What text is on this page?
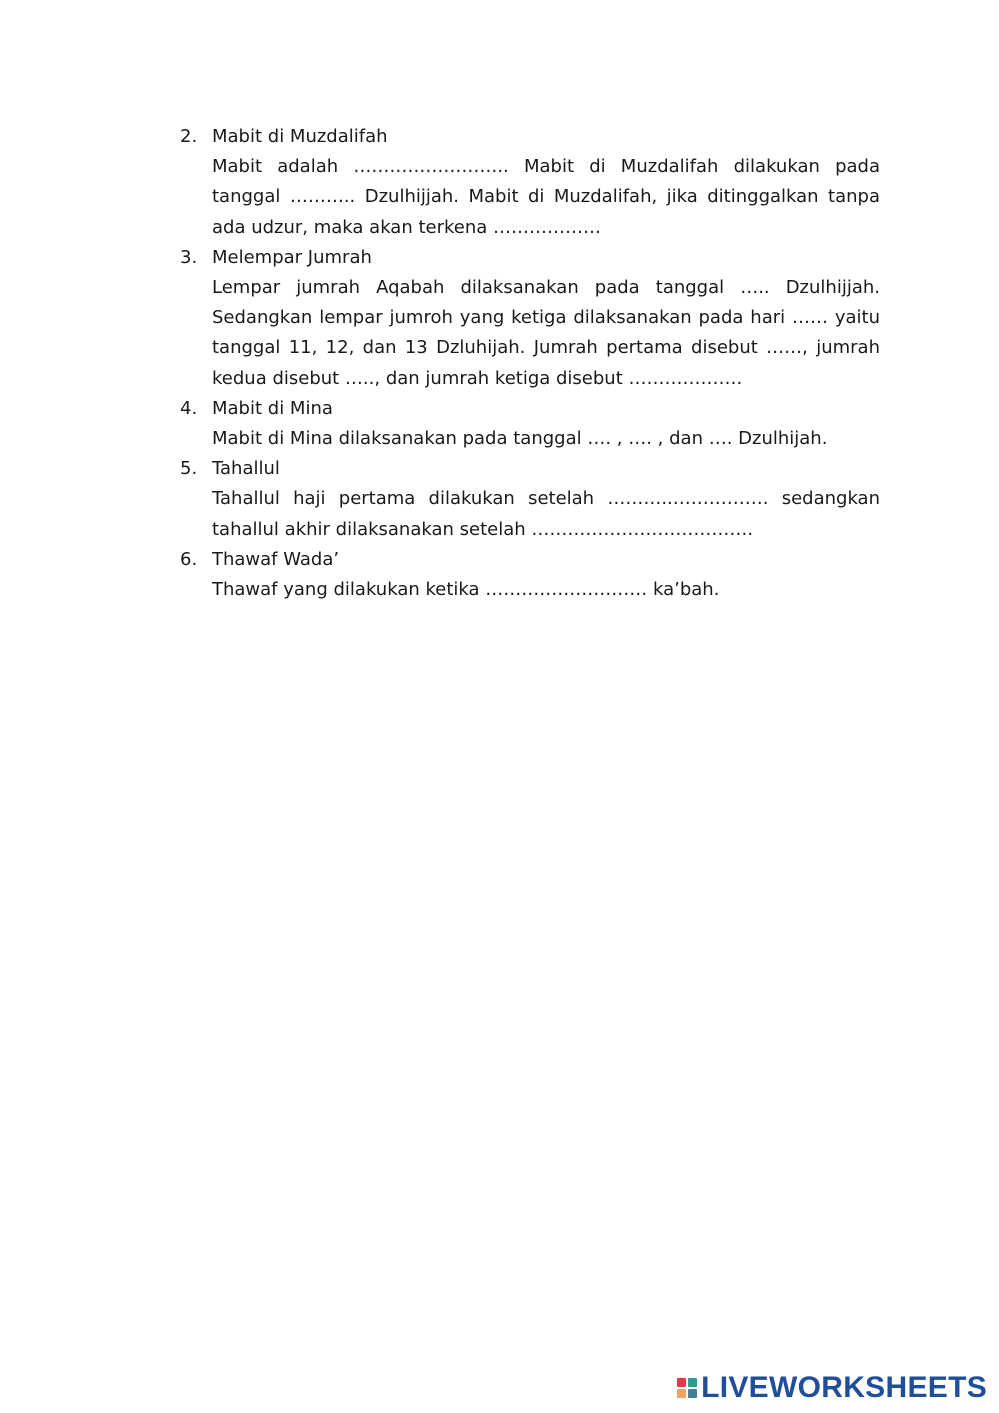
2. Mabit di Muzdalifah
Mabit adalah …………………….. Mabit di Muzdalifah dilakukan pada tanggal ……….. Dzulhijjah. Mabit di Muzdalifah, jika ditinggalkan tanpa ada udzur, maka akan terkena ………………
3. Melempar Jumrah
Lempar jumrah Aqabah dilaksanakan pada tanggal ….. Dzulhijjah. Sedangkan lempar jumroh yang ketiga dilaksanakan pada hari …… yaitu tanggal 11, 12, dan 13 Dzluhijah. Jumrah pertama disebut ……, jumrah kedua disebut ….., dan jumrah ketiga disebut ……………….
4. Mabit di Mina
Mabit di Mina dilaksanakan pada tanggal …. , …. , dan …. Dzulhijah.
5. Tahallul
Tahallul haji pertama dilakukan setelah ………..……………. sedangkan tahallul akhir dilaksanakan setelah ……………………………….
6. Thawaf Wada’
Thawaf yang dilakukan ketika ……………………… ka’bah.
LIVEWORKSHEETS
